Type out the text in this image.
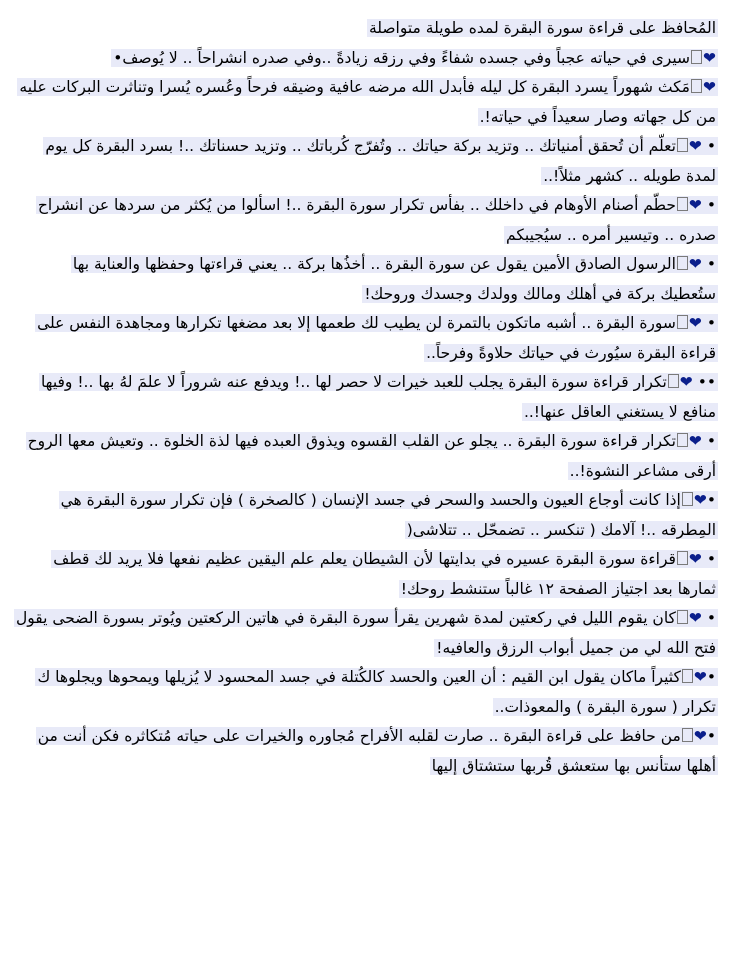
المُحافظ على قراءة سورة البقرة لمده طويلة متواصلة
❤سيرى في حياته عجباً وفي جسده شفاءً وفي رزقه زيادةً ..وفي صدره انشراحاً .. لا يُوصف•
❤مَكث شهوراً يسرد البقرة كل ليله فأبدل الله مرضه عافية وضيقه فرحاً وعُسره يُسرا وتناثرت البركات عليه من كل جهاته وصار سعيداً في حياته!.
• ❤تعلّم أن تُحقق أمنياتك .. وتزيد بركة حياتك .. وتُفرّج كُرباتك .. وتزيد حسناتك ..! بسرد البقرة كل يوم لمدة طويله .. كشهر مثلاً!..
• ❤حطّم أصنام الأوهام في داخلك .. بفأس تكرار سورة البقرة ..! اسألوا من يُكثر من سردها عن انشراح صدره .. وتيسير أمره .. سيُجيبكم
• ❤الرسول الصادق الأمين يقول عن سورة البقرة .. أخذُها بركة .. يعني قراءتها وحفظها والعناية بها ستُعطيك بركة في أهلك ومالك وولدك وجسدك وروحك!
• ❤سورة البقرة .. أشبه ماتكون بالتمرة لن يطيب لك طعمها إلا بعد مضغها تكرارها ومجاهدة النفس على قراءة البقرة سيُورث في حياتك حلاوةً وفرحاً..
•• ❤تكرار قراءة سورة البقرة يجلب للعبد خيرات لا حصر لها ..! ويدفع عنه شروراً لا علمَ لهُ بها ..! وفيها منافع لا يستغني العاقل عنها!..
• ❤تكرار قراءة سورة البقرة .. يجلو عن القلب القسوه ويذوق العبده فيها لذة الخلوة .. وتعيش معها الروح أرقى مشاعر النشوة!..
•❤إذا كانت أوجاع العيون والحسد والسحر في جسد الإنسان ( كالصخرة ) فإن تكرار سورة البقرة هي المِطرقه ..! آلامك ( تنكسر .. تضمحّل .. تتلاشى(
• ❤قراءة سورة البقرة عسيره في بدايتها لأن الشيطان يعلم علم اليقين عظيم نفعها فلا يريد لك قطف ثمارها بعد اجتياز الصفحة ١٢ غالباً ستنشط روحك!
• ❤كان يقوم الليل في ركعتين لمدة شهرين يقرأ سورة البقرة في هاتين الركعتين ويُوتر بسورة الضحى يقول فتح الله لي من جميل أبواب الرزق والعافيه!
•❤كثيراً ماكان يقول ابن القيم : أن العين والحسد كالكُتلة في جسد المحسود لا يُزيلها ويمحوها ويجلوها ك تكرار ( سورة البقرة ) والمعوذات..
•❤من حافظ على قراءة البقرة .. صارت لقلبه الأفراح مُجاوره والخيرات على حياته مُتكاثره فكن أنت من أهلها ستأنس بها ستعشق قُربها ستشتاق إليها
